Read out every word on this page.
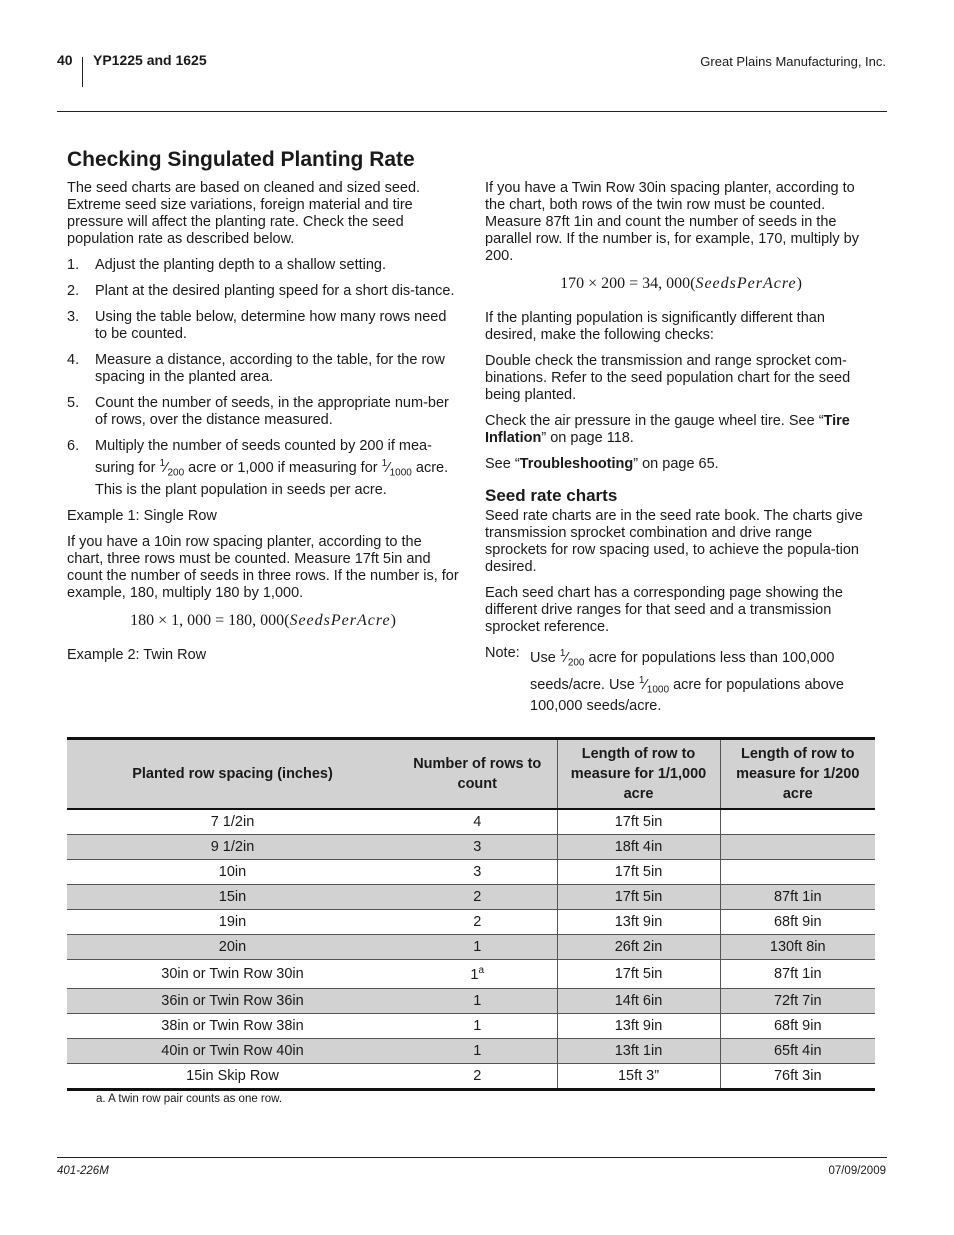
40 YP1225 and 1625	Great Plains Manufacturing, Inc.
Checking Singulated Planting Rate

The seed charts are based on cleaned and sized seed. Extreme seed size variations, foreign material and tire pressure will affect the planting rate. Check the seed population rate as described below.

1.	Adjust the planting depth to a shallow setting.
2.	Plant at the desired planting speed for a short dis-tance.
3.	Using the table below, determine how many rows need to be counted.
4.	Measure a distance, according to the table, for the row spacing in the planted area.
5.	Count the number of seeds, in the appropriate num-ber of rows, over the distance measured.
6.	Multiply the number of seeds counted by 200 if mea-suring for $^1⁄_{200}$ acre or 1,000 if measuring for $^1⁄_{1000}$ acre. This is the plant population in seeds per acre.

Example 1: Single Row

If you have a 10in row spacing planter, according to the chart, three rows must be counted. Measure 17ft 5in and count the number of seeds in three rows. If the number is, for example, 180, multiply 180 by 1,000.

180 × 1, 000 = 180, 000(SeedsPerAcre)

Example 2: Twin Row

If you have a Twin Row 30in spacing planter, according to the chart, both rows of the twin row must be counted. Measure 87ft 1in and count the number of seeds in the parallel row. If the number is, for example, 170, multiply by 200.

170 × 200 = 34, 000(SeedsPerAcre)

If the planting population is significantly different than desired, make the following checks:

Double check the transmission and range sprocket com-binations. Refer to the seed population chart for the seed being planted.

Check the air pressure in the gauge wheel tire. See “Tire Inflation” on page 118.

See “Troubleshooting” on page 65.

Seed rate charts

Seed rate charts are in the seed rate book. The charts give transmission sprocket combination and drive range sprockets for row spacing used, to achieve the popula-tion desired.

Each seed chart has a corresponding page showing the different drive ranges for that seed and a transmission sprocket reference.

Note: Use $^1⁄_{200}$ acre for populations less than 100,000 seeds/acre. Use $^1⁄_{1000}$ acre for populations above 100,000 seeds/acre.
Planted row spacing (inches)	Number of rows to count	Length of row to measure for 1/1,000 acre	Length of row to measure for 1/200 acre
7 1/2in	4	17ft 5in	
9 1/2in	3	18ft 4in	
10in	3	17ft 5in	
15in	2	17ft 5in	87ft 1in
19in	2	13ft 9in	68ft 9in
20in	1	26ft 2in	130ft 8in
30in or Twin Row 30in	1$^a$	17ft 5in	87ft 1in
36in or Twin Row 36in	1	14ft 6in	72ft 7in
38in or Twin Row 38in	1	13ft 9in	68ft 9in
40in or Twin Row 40in	1	13ft 1in	65ft 4in
15in Skip Row	2	15ft 3”	76ft 3in
a. A twin row pair counts as one row.
401-226M	07/09/2009
